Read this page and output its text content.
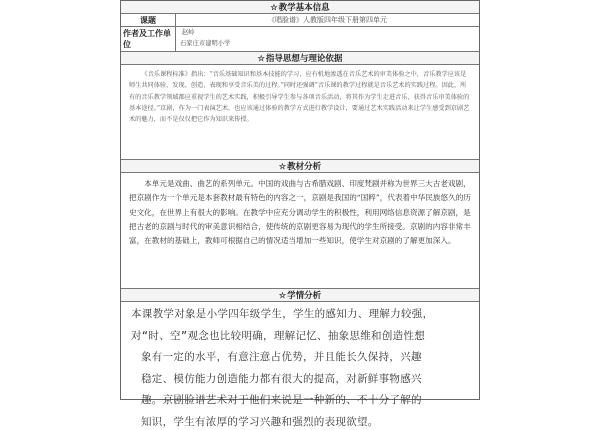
☆教学基本信息
课题	《唱脸谱》人教版四年级下册第四单元
作者及工作单位
赵岭
石家庄市建明小学
☆指导思想与理论依据
《音乐课程标准》指出：“音乐基础知识和基本技能的学习，应有机地渗透在音乐艺术的审美体验之中，音乐教学应该是师生共同体验、发现、创造、表现和享受音乐美的过程。”同时还强调“音乐课的教学过程就是音乐艺术的实践过程。因此，所有的音乐教学领域都应重视学生的艺术实践，积极引导学生参与各项音乐活动，将其作为学生走进音乐，获得音乐审美体验的基本途径。”京剧，作为一门表演艺术，也应该通过体验的教学方式进行教学设计，要通过艺术实践活动来让学生感受到京剧艺术的魅力，而不是仅仅把它作为知识来传授。
☆教材分析
本单元是戏曲、曲艺的系列单元。中国的戏曲与古希腊戏剧、印度梵剧并称为世界三大古老戏剧，把京剧作为一个单元是本套教材最有特色的内容之一，京剧是我国的“国粹”，代表着中华民族悠久的历史文化，在世界上有很大的影响。在教学中应充分调动学生的积极性，利用网络信息资源了解京剧，是把古老的京剧与时代的审美意识相结合，使传统的京剧更容易为现代的学生所接受。京剧的内容非常丰富，在教材的基础上，教师可根据自己的情况适当增加一些知识，使学生对京剧的了解更加深入。
☆学情分析
本课教学对象是小学四年级学生，学生的感知力、理解力较强，
对“时、空”观念也比较明确，理解记忆、抽象思维和创造性想
象有一定的水平，有意注意占优势，并且能长久保持，兴趣
稳定、模仿能力创造能力都有很大的提高，对新鲜事物感兴
趣。京剧脸谱艺术对于他们来说是一种新的、不十分了解的
知识，学生有浓厚的学习兴趣和强烈的表现欲望。
